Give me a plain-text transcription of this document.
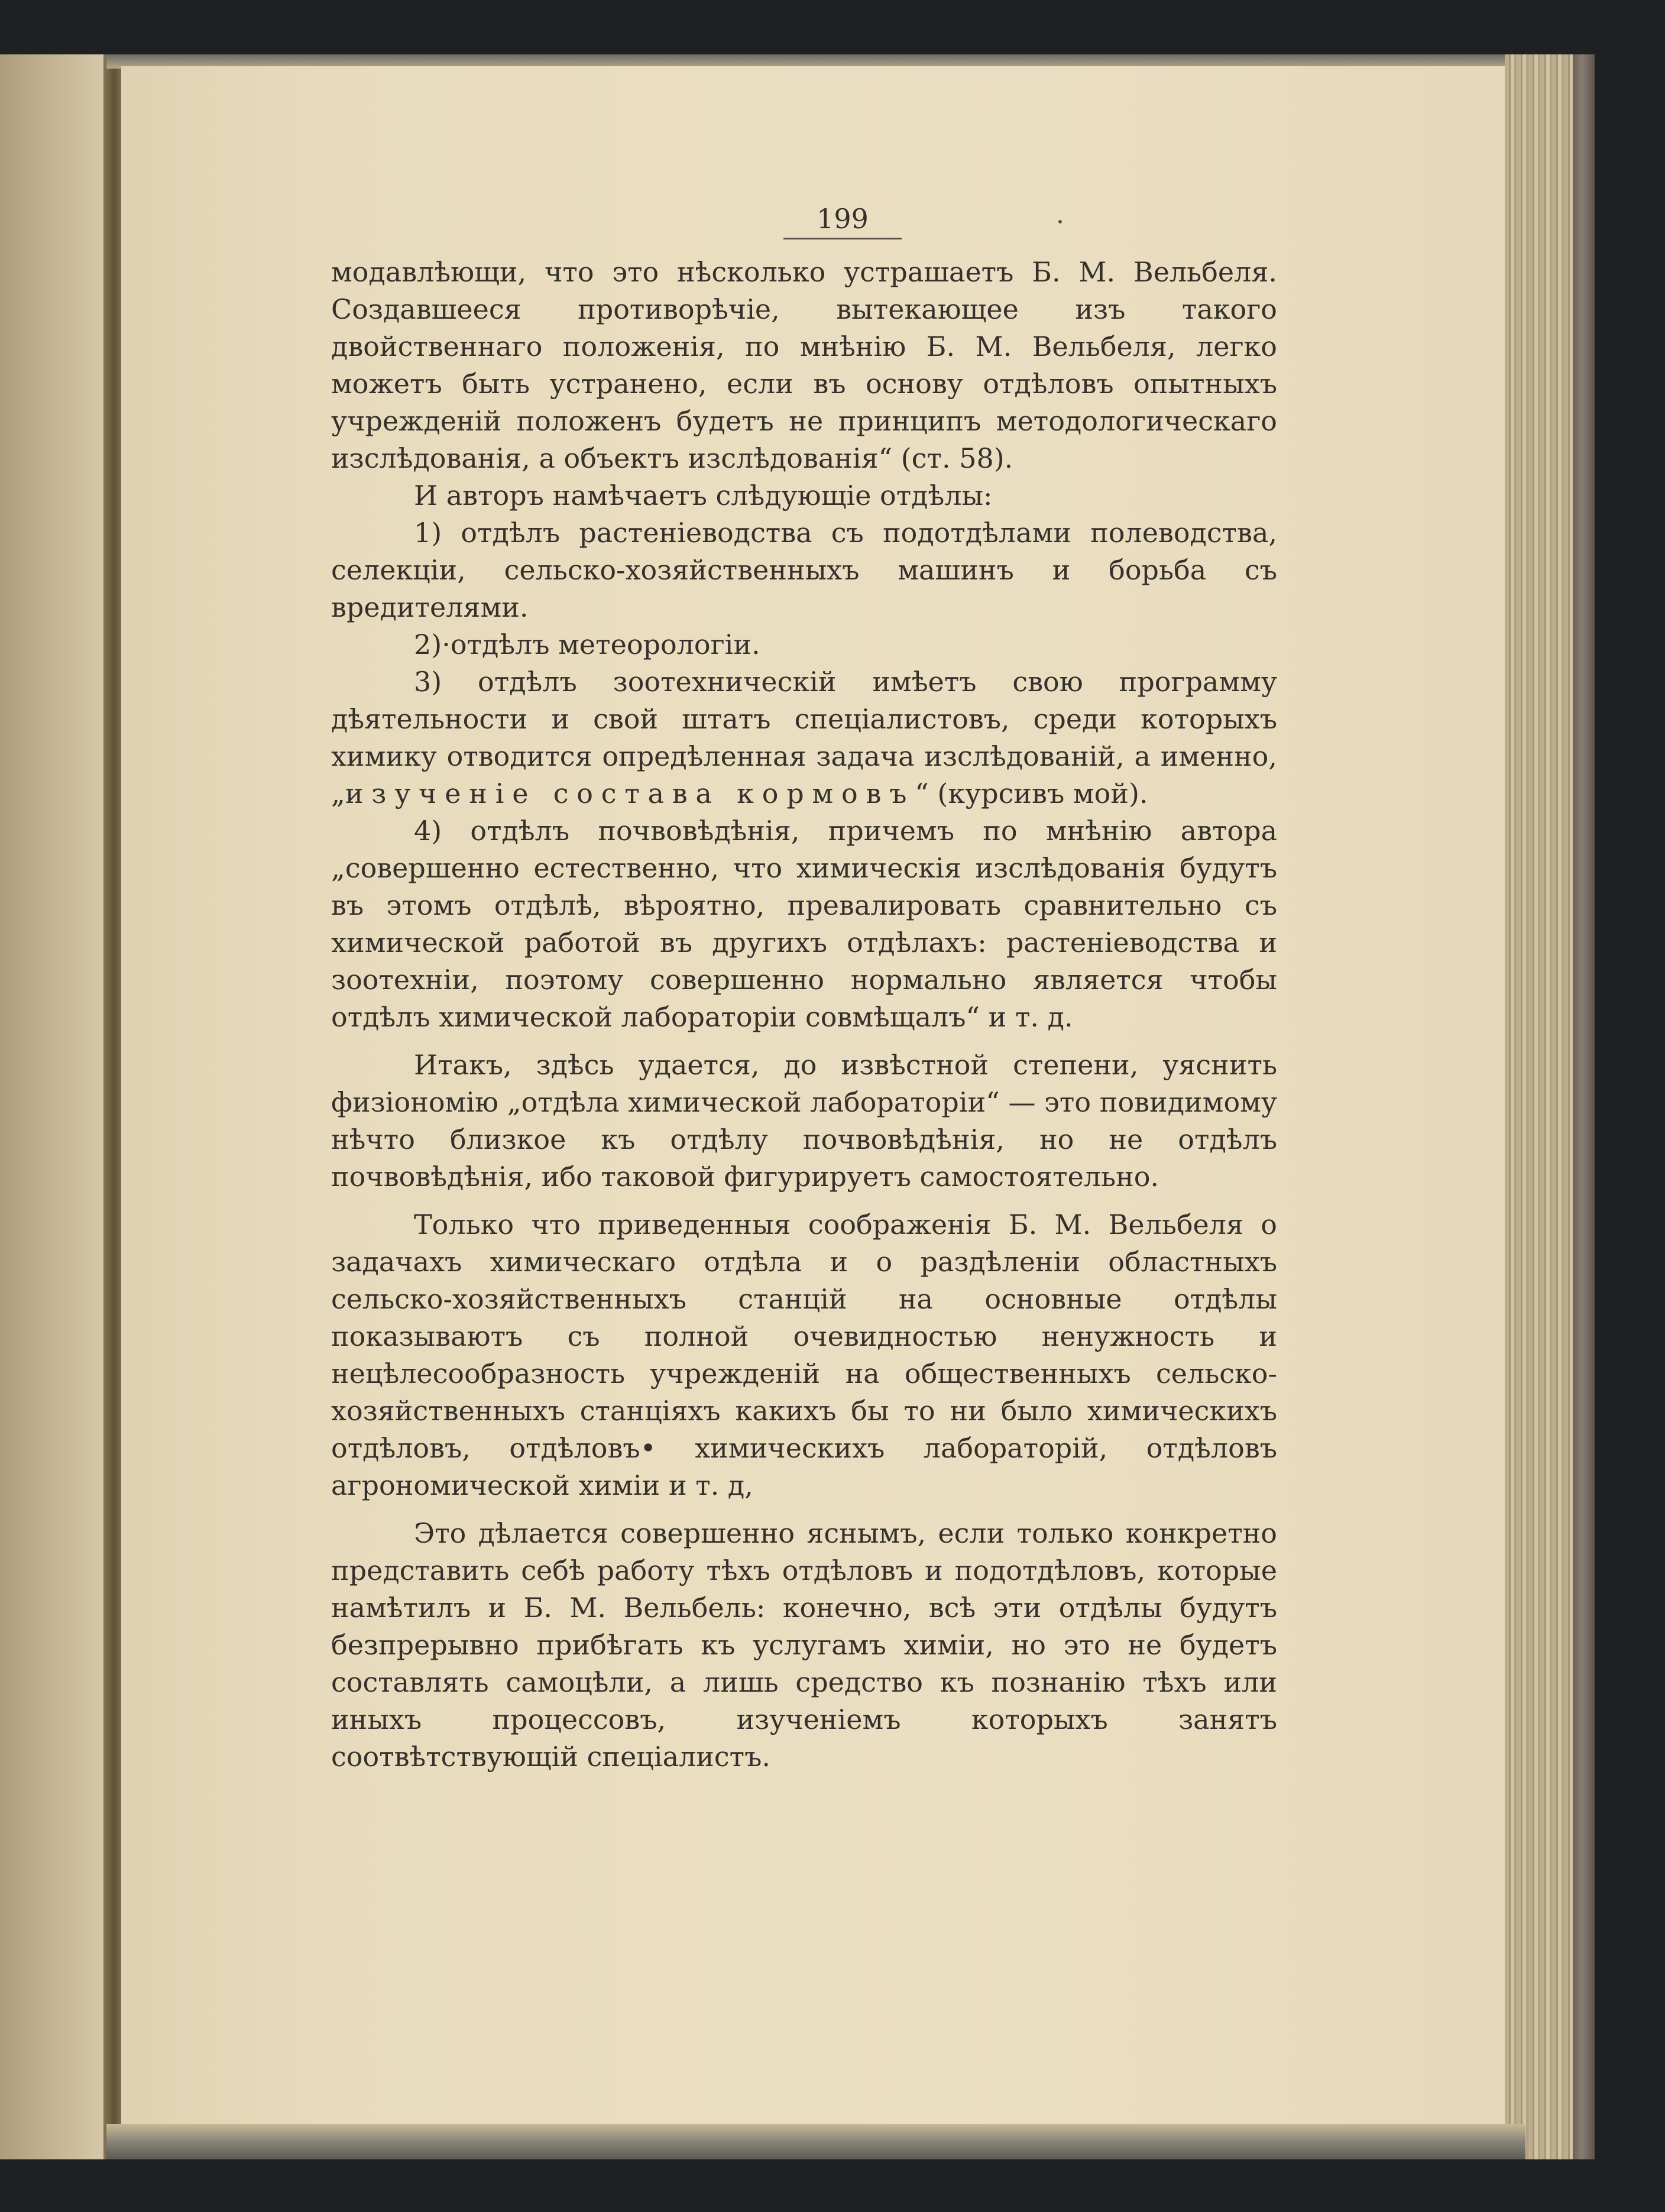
199

модавлѣющи, что это нѣсколько устрашаетъ Б. М. Вельбеля. Создавшееся противорѣчіе, вытекающее изъ такого двойственнаго положенія, по мнѣнію Б. М. Вельбеля, легко можетъ быть устранено, если въ основу отдѣловъ опытныхъ учрежденій положенъ будетъ не принципъ методологическаго изслѣдованія, а объектъ изслѣдованія“ (ст. 58).

И авторъ намѣчаетъ слѣдующіе отдѣлы:

1) отдѣлъ растеніеводства съ подотдѣлами полеводства, селекціи, сельско-хозяйственныхъ машинъ и борьба съ вредителями.

2)·отдѣлъ метеорологіи.

3) отдѣлъ зоотехническій имѣетъ свою программу дѣятельности и свой штатъ спеціалистовъ, среди которыхъ химику отводится опредѣленная задача изслѣдованій, а именно, „изученіе состава кормовъ“ (курсивъ мой).

4) отдѣлъ почвовѣдѣнія, причемъ по мнѣнію автора „совершенно естественно, что химическія изслѣдованія будутъ въ этомъ отдѣлѣ, вѣроятно, превалировать сравнительно съ химической работой въ другихъ отдѣлахъ: растеніеводства и зоотехніи, поэтому совершенно нормально является чтобы отдѣлъ химической лабораторіи совмѣщалъ“ и т. д.

Итакъ, здѣсь удается, до извѣстной степени, уяснить физіономію „отдѣла химической лабораторіи“ — это повидимому нѣчто близкое къ отдѣлу почвовѣдѣнія, но не отдѣлъ почвовѣдѣнія, ибо таковой фигурируетъ самостоятельно.

Только что приведенныя соображенія Б. М. Вельбеля о задачахъ химическаго отдѣла и о раздѣленіи областныхъ сельско-хозяйственныхъ станцій на основные отдѣлы показываютъ съ полной очевидностью ненужность и нецѣлесообразность учрежденій на общественныхъ сельско-хозяйственныхъ станціяхъ какихъ бы то ни было химическихъ отдѣловъ, отдѣловъ• химическихъ лабораторій, отдѣловъ агрономической химіи и т. д,

Это дѣлается совершенно яснымъ, если только конкретно представить себѣ работу тѣхъ отдѣловъ и подотдѣловъ, которые намѣтилъ и Б. М. Вельбель: конечно, всѣ эти отдѣлы будутъ безпрерывно прибѣгать къ услугамъ химіи, но это не будетъ составлять самоцѣли, а лишь средство къ познанію тѣхъ или иныхъ процессовъ, изученіемъ которыхъ занятъ соотвѣтствующій спеціалистъ.
